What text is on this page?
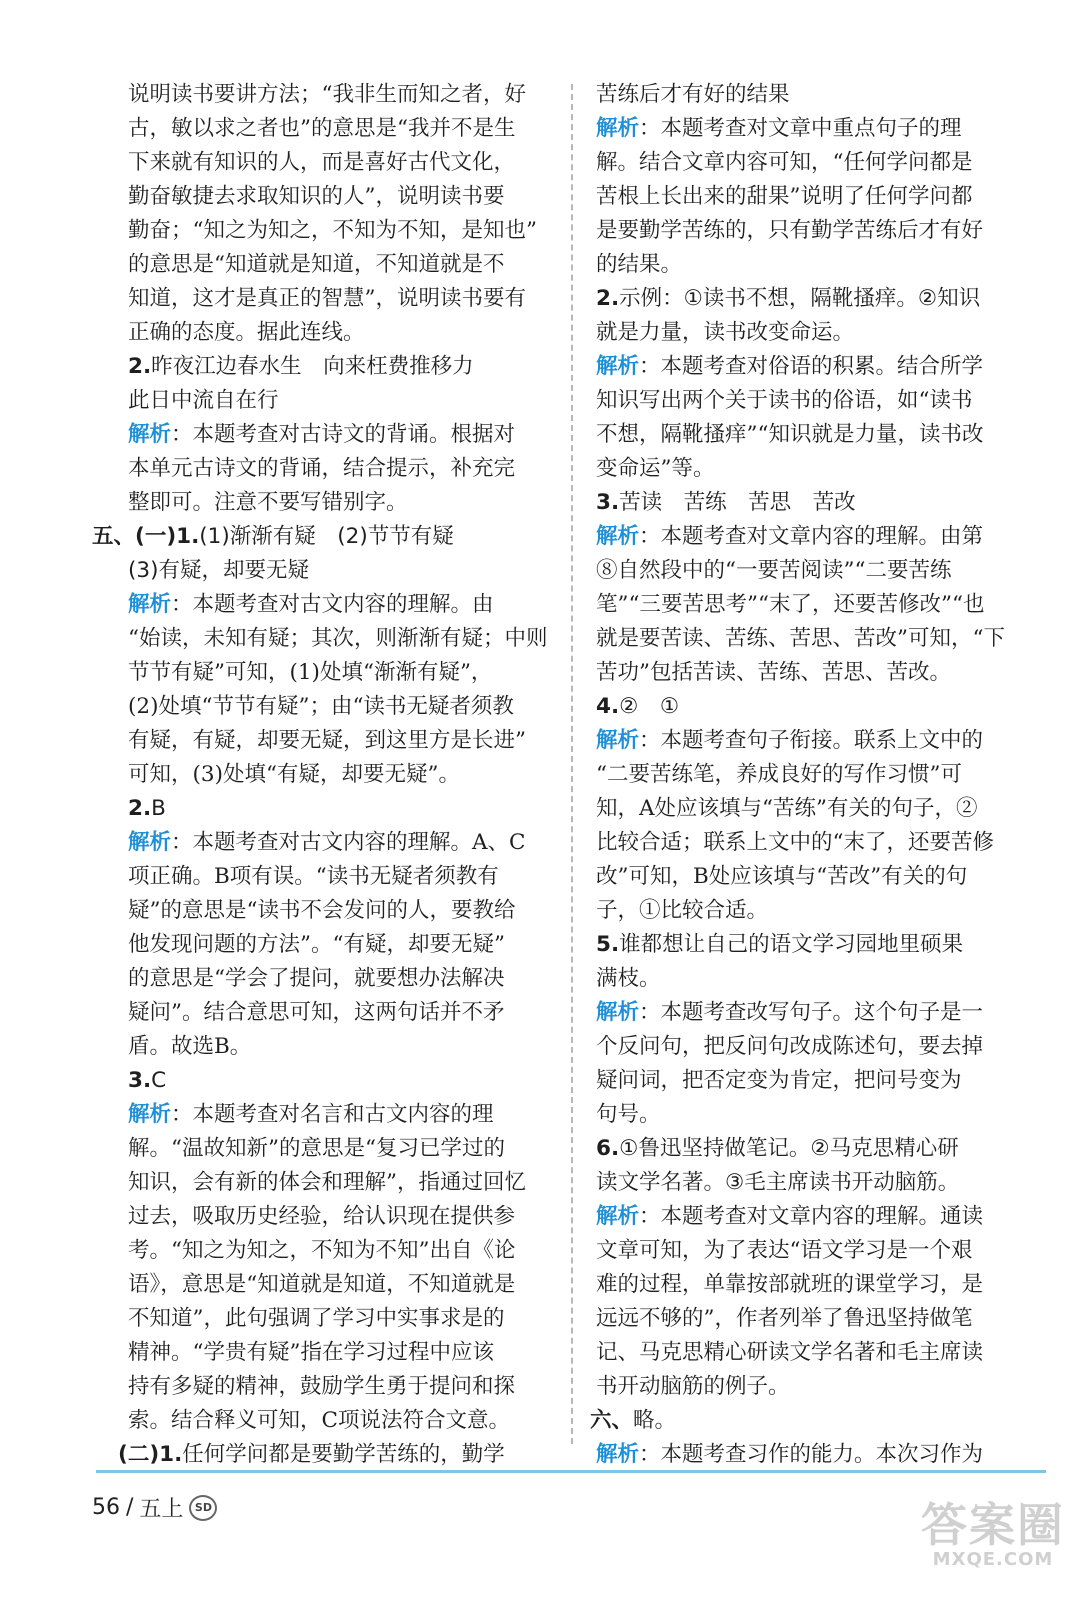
说明读书要讲方法；“我非生而知之者，好
古，敏以求之者也”的意思是“我并不是生
下来就有知识的人，而是喜好古代文化，
勤奋敏捷去求取知识的人”，说明读书要
勤奋；“知之为知之，不知为不知，是知也”
的意思是“知道就是知道，不知道就是不
知道，这才是真正的智慧”，说明读书要有
正确的态度。据此连线。
2.昨夜江边春水生　向来枉费推移力
此日中流自在行
解析：本题考查对古诗文的背诵。根据对
本单元古诗文的背诵，结合提示，补充完
整即可。注意不要写错别字。
五、(一)1.(1)渐渐有疑　(2)节节有疑
(3)有疑，却要无疑
解析：本题考查对古文内容的理解。由
“始读，未知有疑；其次，则渐渐有疑；中则
节节有疑”可知，(1)处填“渐渐有疑”，
(2)处填“节节有疑”；由“读书无疑者须教
有疑，有疑，却要无疑，到这里方是长进”
可知，(3)处填“有疑，却要无疑”。
2.B
解析：本题考查对古文内容的理解。A、C
项正确。B项有误。“读书无疑者须教有
疑”的意思是“读书不会发问的人，要教给
他发现问题的方法”。“有疑，却要无疑”
的意思是“学会了提问，就要想办法解决
疑问”。结合意思可知，这两句话并不矛
盾。故选B。
3.C
解析：本题考查对名言和古文内容的理
解。“温故知新”的意思是“复习已学过的
知识，会有新的体会和理解”，指通过回忆
过去，吸取历史经验，给认识现在提供参
考。“知之为知之，不知为不知”出自《论
语》，意思是“知道就是知道，不知道就是
不知道”，此句强调了学习中实事求是的
精神。“学贵有疑”指在学习过程中应该
持有多疑的精神，鼓励学生勇于提问和探
索。结合释义可知，C项说法符合文意。
(二)1.任何学问都是要勤学苦练的，勤学
苦练后才有好的结果
解析：本题考查对文章中重点句子的理
解。结合文章内容可知，“任何学问都是
苦根上长出来的甜果”说明了任何学问都
是要勤学苦练的，只有勤学苦练后才有好
的结果。
2.示例：①读书不想，隔靴搔痒。②知识
就是力量，读书改变命运。
解析：本题考查对俗语的积累。结合所学
知识写出两个关于读书的俗语，如“读书
不想，隔靴搔痒”“知识就是力量，读书改
变命运”等。
3.苦读　苦练　苦思　苦改
解析：本题考查对文章内容的理解。由第
⑧自然段中的“一要苦阅读”“二要苦练
笔”“三要苦思考”“末了，还要苦修改”“也
就是要苦读、苦练、苦思、苦改”可知，“下
苦功”包括苦读、苦练、苦思、苦改。
4.②　①
解析：本题考查句子衔接。联系上文中的
“二要苦练笔，养成良好的写作习惯”可
知，A处应该填与“苦练”有关的句子，②
比较合适；联系上文中的“末了，还要苦修
改”可知，B处应该填与“苦改”有关的句
子，①比较合适。
5.谁都想让自己的语文学习园地里硕果
满枝。
解析：本题考查改写句子。这个句子是一
个反问句，把反问句改成陈述句，要去掉
疑问词，把否定变为肯定，把问号变为
句号。
6.①鲁迅坚持做笔记。②马克思精心研
读文学名著。③毛主席读书开动脑筋。
解析：本题考查对文章内容的理解。通读
文章可知，为了表达“语文学习是一个艰
难的过程，单靠按部就班的课堂学习，是
远远不够的”，作者列举了鲁迅坚持做笔
记、马克思精心研读文学名著和毛主席读
书开动脑筋的例子。
六、略。
解析：本题考查习作的能力。本次习作为
56 / 五上	SD	答案圈
MXQE.COM
